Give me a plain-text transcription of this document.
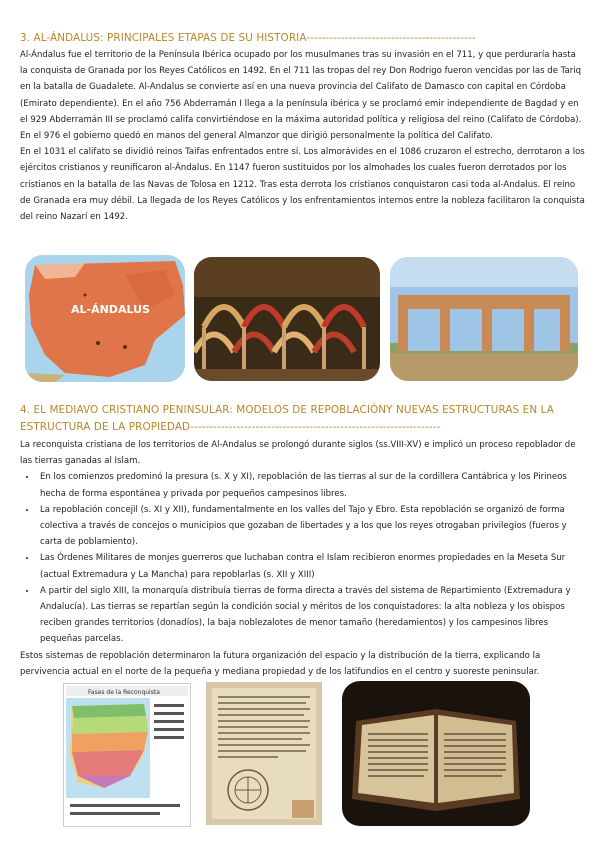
3. AL-ÁNDALUS: PRINCIPALES ETAPAS DE SU HISTORIA--------------------------------------------

Al-Ándalus fue el territorio de la Península Ibérica ocupado por los musulmanes tras su invasión en el 711, y que perduraría hasta la conquista de Granada por los Reyes Católicos en 1492. En el 711 las tropas del rey Don Rodrigo fueron vencidas por las de Tariq en la batalla de Guadalete. Al-Andalus se convierte así en una nueva provincia del Califato de Damasco con capital en Córdoba (Emirato dependiente). En el año 756 Abderramán I llega a la península ibérica y se proclamó emir independiente de Bagdad y en el 929 Abderramán III se proclamó califa convirtiéndose en la máxima autoridad política y religiosa del reino (Califato de Córdoba). En el 976 el gobierno quedó en manos del general Almanzor que dirigió personalmente la política del Califato.

En el 1031 el califato se dividió reinos Taifas enfrentados entre sí. Los almorávides en el 1086 cruzaron el estrecho, derrotaron a los ejércitos cristianos y reunificaron al-Ándalus. En 1147 fueron sustituidos por los almohades los cuales fueron derrotados por los cristianos en la batalla de las Navas de Tolosa en 1212. Tras esta derrota los cristianos conquistaron casi toda al-Andalus. El reino de Granada era muy débil. La llegada de los Reyes Católicos y los enfrentamientos internos entre la nobleza facilitaron la conquista del reino Nazarí en 1492.

AL-ÁNDALUS
4. EL MEDIAVO CRISTIANO PENINSULAR: MODELOS DE REPOBLACIÓNY NUEVAS ESTRUCTURAS EN LA ESTRUCTURA DE LA PROPIEDAD-----------------------------------------------------------------

La reconquista cristiana de los territorios de Al-Andalus se prolongó durante siglos (ss.VIII-XV) e implicó un proceso repoblador de las tierras ganadas al Islam.

• En los comienzos predominó la presura (s. X y XI), repoblación de las tierras al sur de la cordillera Cantábrica y los Pirineos hecha de forma espontánea y privada por pequeños campesinos libres.
• La repoblación concejil (s. XI y XII), fundamentalmente en los valles del Tajo y Ebro. Esta repoblación se organizó de forma colectiva a través de concejos o municipios que gozaban de libertades y a los que los reyes otrogaban privilegios (fueros y carta de poblamiento).
• Las Órdenes Militares de monjes guerreros que luchaban contra el Islam recibieron enormes propiedades en la Meseta Sur (actual Extremadura y La Mancha) para repoblarlas (s. XII y XIII)
• A partir del siglo XIII, la monarquía distribuía tierras de forma directa a través del sistema de Repartimiento (Extremadura y Andalucía). Las tierras se repartían según la condición social y méritos de los conquistadores: la alta nobleza y los obispos reciben grandes territorios (donadíos), la baja noblezalotes de menor tamaño (heredamientos) y los campesinos libres pequeñas parcelas.

Estos sistemas de repoblación determinaron la futura organización del espacio y la distribución de la tierra, explicando la pervivencia actual en el norte de la pequeña y mediana propiedad y de los latifundios en el centro y suoreste peninsular.

Fases de la Reconquista
